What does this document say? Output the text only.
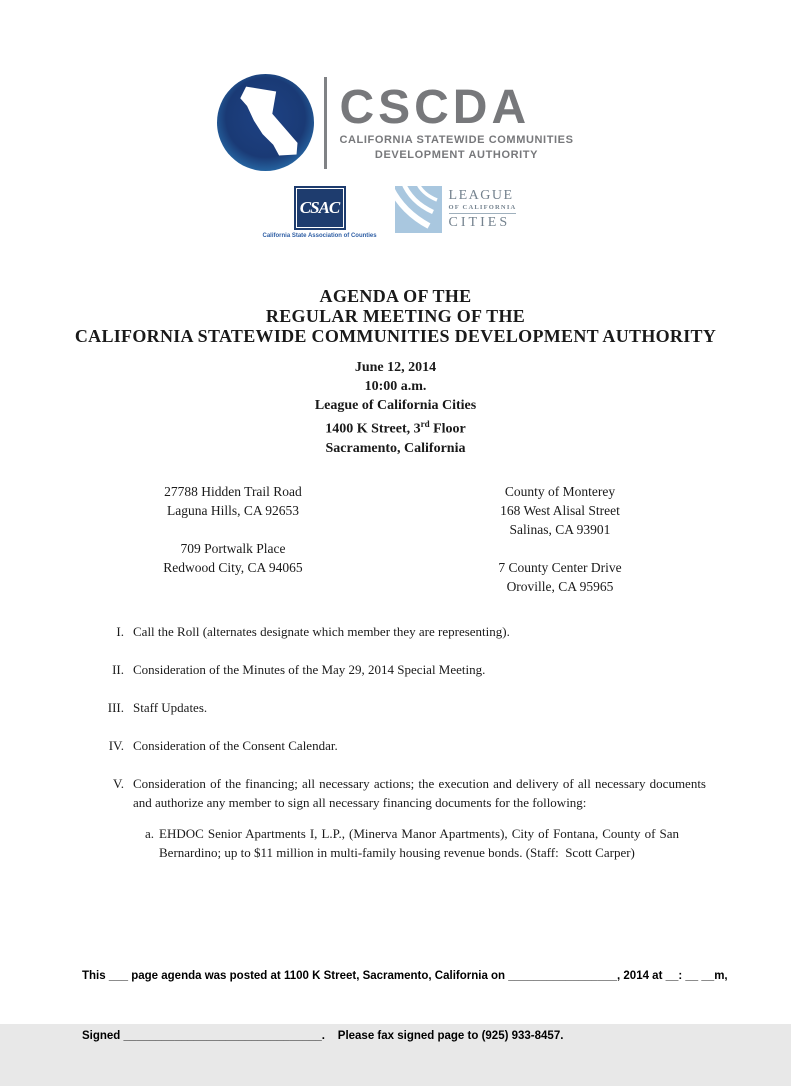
CSCDA
CALIFORNIA STATEWIDE COMMUNITIES
DEVELOPMENT AUTHORITY
CSAC
California State Association of Counties
LEAGUE
OF CALIFORNIA
CITIES
AGENDA OF THE
REGULAR MEETING OF THE
CALIFORNIA STATEWIDE COMMUNITIES DEVELOPMENT AUTHORITY
June 12, 2014
10:00 a.m.
League of California Cities
1400 K Street, 3rd Floor
Sacramento, California
27788 Hidden Trail Road
Laguna Hills, CA 92653
709 Portwalk Place
Redwood City, CA 94065
County of Monterey
168 West Alisal Street
Salinas, CA 93901
7 County Center Drive
Oroville, CA 95965
I. Call the Roll (alternates designate which member they are representing).
II. Consideration of the Minutes of the May 29, 2014 Special Meeting.
III. Staff Updates.
IV. Consideration of the Consent Calendar.
V. Consideration of the financing; all necessary actions; the execution and delivery of all necessary documents and authorize any member to sign all necessary financing documents for the following:
a. EHDOC Senior Apartments I, L.P., (Minerva Manor Apartments), City of Fontana, County of San Bernardino; up to $11 million in multi-family housing revenue bonds. (Staff:  Scott Carper)

This ___ page agenda was posted at 1100 K Street, Sacramento, California on _________________, 2014 at __: __ __m,

Signed _______________________________.    Please fax signed page to (925) 933-8457.
